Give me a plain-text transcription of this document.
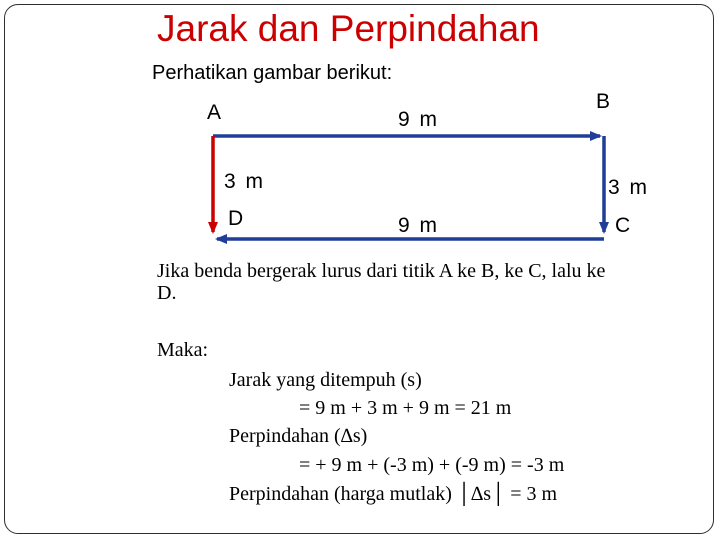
Jarak dan Perpindahan
Perhatikan gambar berikut:
A	B
C
D
9 m
9 m
3 m	3 m
Jika benda bergerak lurus dari titik A ke B, ke C, lalu ke
D.
Maka:
Jarak yang ditempuh (s)
= 9 m + 3 m + 9 m = 21 m
Perpindahan (∆s)
= + 9 m + (-3 m) + (-9 m) = -3 m
Perpindahan (harga mutlak) │∆s│ = 3 m
